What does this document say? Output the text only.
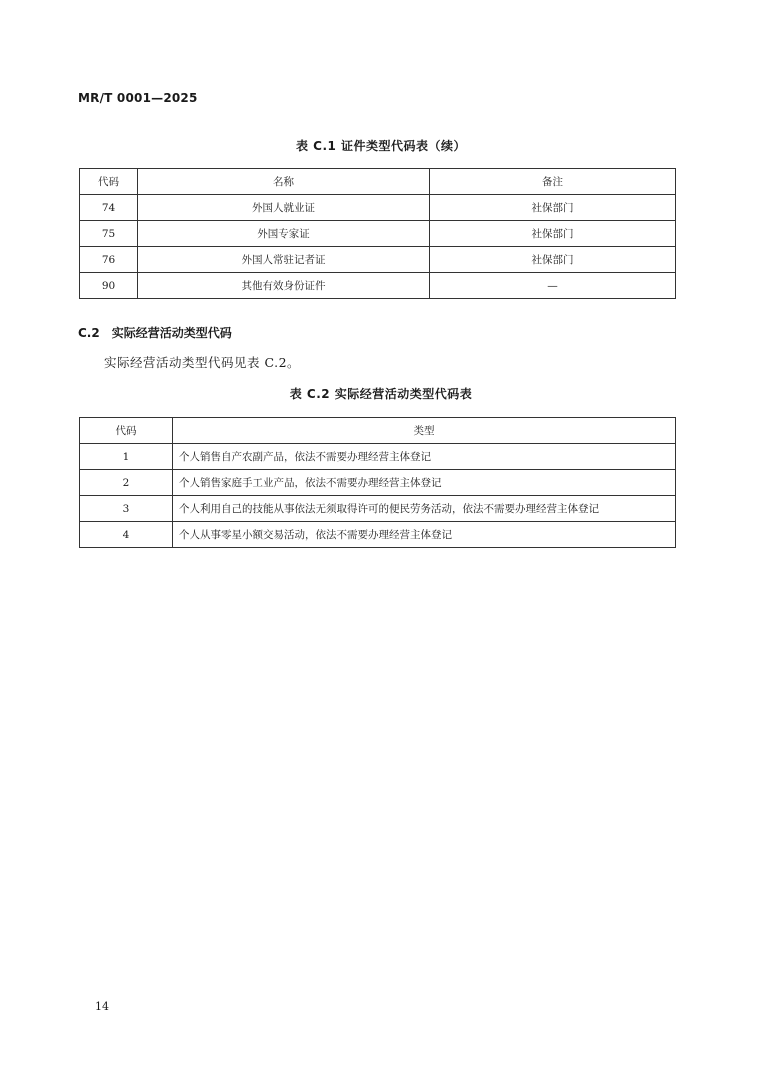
MR/T 0001—2025
表 C.1 证件类型代码表（续）
代码	名称	备注
74	外国人就业证	社保部门
75	外国专家证	社保部门
76	外国人常驻记者证	社保部门
90	其他有效身份证件	—
C.2 实际经营活动类型代码
实际经营活动类型代码见表 C.2。
表 C.2 实际经营活动类型代码表
代码	类型
1	个人销售自产农副产品，依法不需要办理经营主体登记
2	个人销售家庭手工业产品，依法不需要办理经营主体登记
3	个人利用自己的技能从事依法无须取得许可的便民劳务活动，依法不需要办理经营主体登记
4	个人从事零星小额交易活动，依法不需要办理经营主体登记
14
